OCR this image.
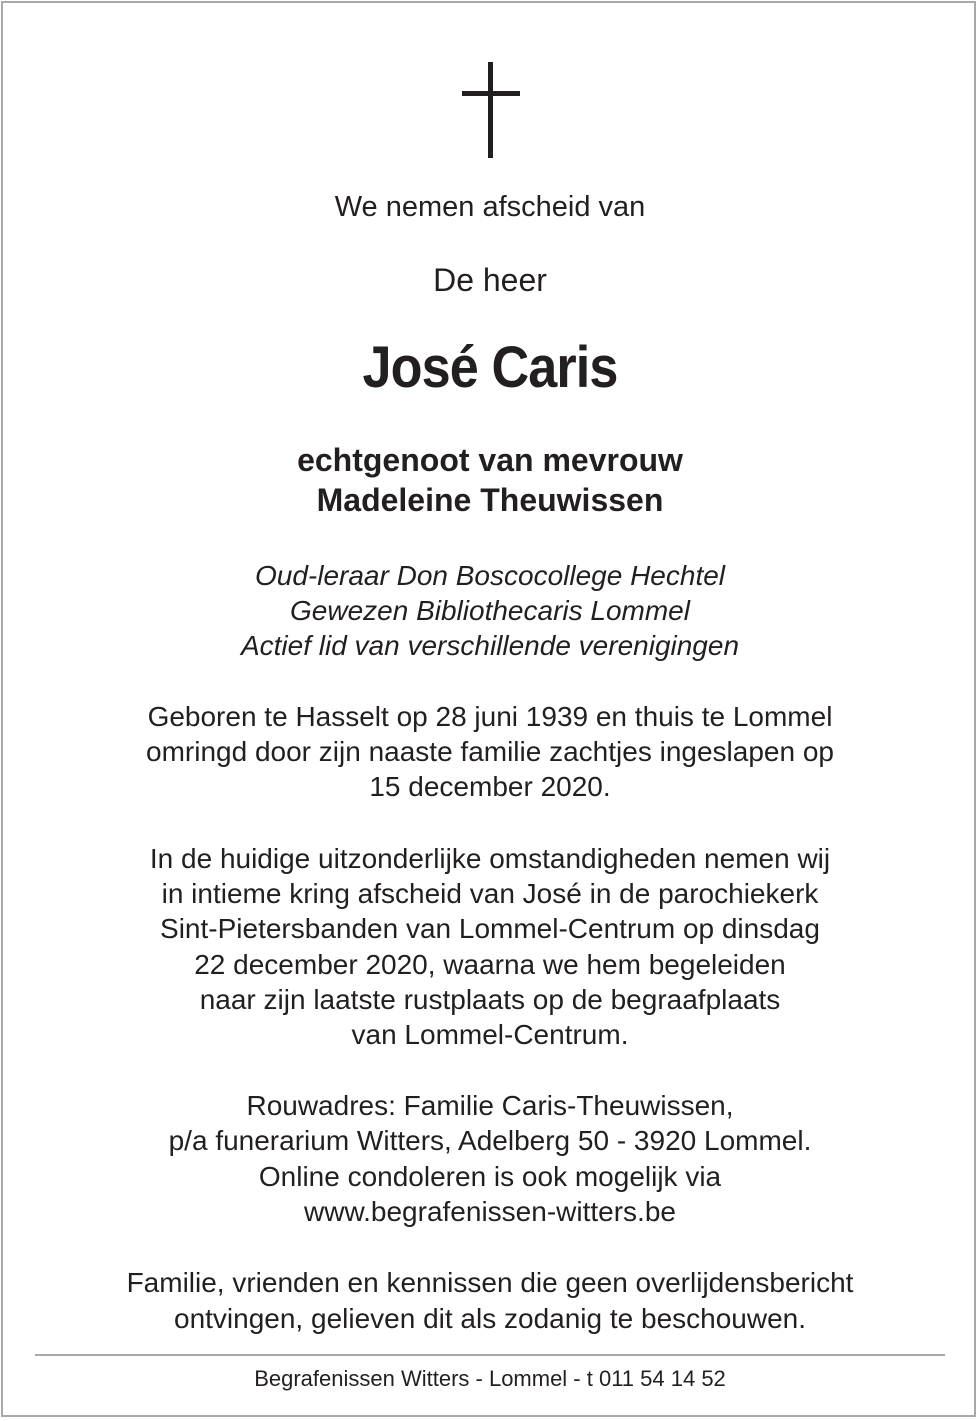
We nemen afscheid van
De heer
José Caris
echtgenoot van mevrouw
Madeleine Theuwissen
Oud-leraar Don Boscocollege Hechtel
Gewezen Bibliothecaris Lommel
Actief lid van verschillende verenigingen
Geboren te Hasselt op 28 juni 1939 en thuis te Lommel
omringd door zijn naaste familie zachtjes ingeslapen op
15 december 2020.
In de huidige uitzonderlijke omstandigheden nemen wij
in intieme kring afscheid van José in de parochiekerk
Sint-Pietersbanden van Lommel-Centrum op dinsdag
22 december 2020, waarna we hem begeleiden
naar zijn laatste rustplaats op de begraafplaats
van Lommel-Centrum.
Rouwadres: Familie Caris-Theuwissen,
p/a funerarium Witters, Adelberg 50 - 3920 Lommel.
Online condoleren is ook mogelijk via
www.begrafenissen-witters.be
Familie, vrienden en kennissen die geen overlijdensbericht
ontvingen, gelieven dit als zodanig te beschouwen.
Begrafenissen Witters - Lommel - t 011 54 14 52
